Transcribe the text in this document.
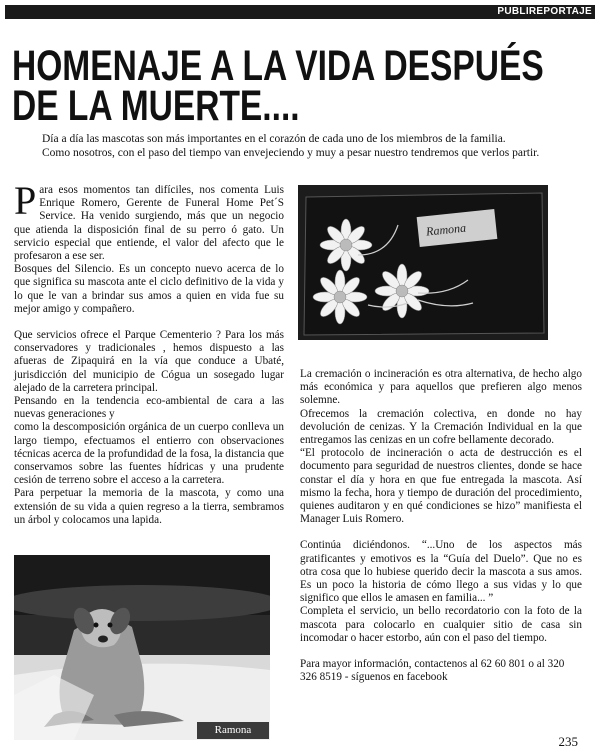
PUBLIREPORTAJE
HOMENAJE A LA VIDA DESPUÉS
DE LA MUERTE....

Día a día las mascotas son más importantes en el corazón de cada uno de los miembros de la familia.

Como nosotros, con el paso del tiempo van envejeciendo y muy a pesar nuestro tendremos que verlos partir.

Para esos momentos tan difíciles, nos comenta Luis Enrique Romero, Gerente de Funeral Home Pet´S Service. Ha venido surgiendo, más que un negocio que atienda la disposición final de su perro ó gato. Un servicio especial que entiende, el valor del afecto que le profesaron a ese ser.

Bosques del Silencio. Es un concepto nuevo acerca de lo que significa su mascota ante el ciclo definitivo de la vida y lo que le van a brindar sus amos a quien en vida fue su mejor amigo y compañero.

Que servicios ofrece el Parque Cementerio ? Para los más conservadores y tradicionales , hemos dispuesto a las afueras de Zipaquirá en la vía que conduce a Ubaté, jurisdicción del municipio de Cógua un sosegado lugar alejado de la carretera principal.

Pensando en la tendencia eco-ambiental de cara a las nuevas generaciones y

como la descomposición orgánica de un cuerpo conlleva un largo tiempo, efectuamos el entierro con observaciones técnicas acerca de la profundidad de la fosa, la distancia que conservamos sobre las fuentes hídricas y una prudente cesión de terreno sobre el acceso a la carretera.

Para perpetuar la memoria de la mascota, y como una extensión de su vida a quien regreso a la tierra, sembramos un árbol y colocamos una lapida.

Ramona

La cremación o incineración es otra alternativa, de hecho algo más económica y para aquellos que prefieren algo menos solemne.

Ofrecemos la cremación colectiva, en donde no hay devolución de cenizas. Y la Cremación Individual en la que entregamos las cenizas en un cofre bellamente decorado.

“El protocolo de incineración o acta de destrucción es el documento para seguridad de nuestros clientes, donde se hace constar el día y hora en que fue entregada la mascota. Así mismo la fecha, hora y tiempo de duración del procedimiento, quienes auditaron y en qué condiciones se hizo” manifiesta el Manager Luis Romero.

Continúa diciéndonos. “...Uno de los aspectos más gratificantes y emotivos es la “Guía del Duelo”. Que no es otra cosa que lo hubiese querido decir la mascota a sus amos. Es un poco la historia de cómo llego a sus vidas y lo que significo que ellos le amasen en familia... ”

Completa el servicio, un bello recordatorio con la foto de la mascota para colocarlo en cualquier sitio de casa sin incomodar o hacer estorbo, aún con el paso del tiempo.

Para mayor información, contactenos al 62 60 801 o al 320 326 8519 - síguenos en facebook

Ramona
235
